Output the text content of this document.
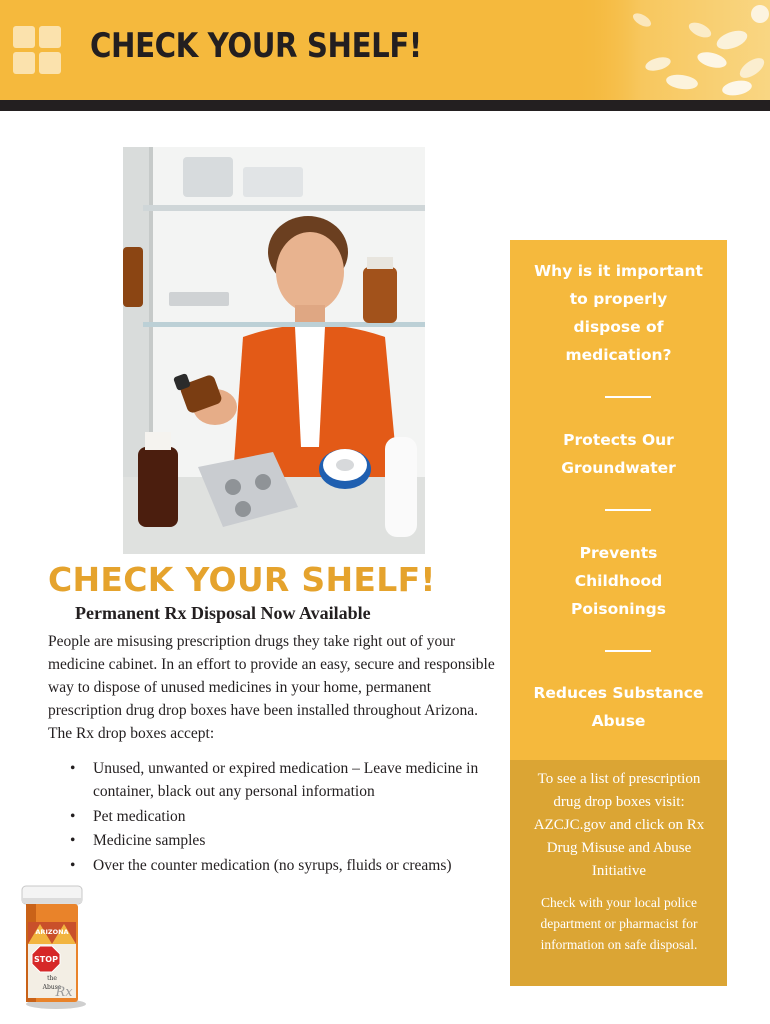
CHECK YOUR SHELF!
Why is it important to properly dispose of medication?
Protects Our Groundwater
Prevents Childhood Poisonings
Reduces Substance Abuse
To see a list of prescription drug drop boxes visit: AZCJC.gov and click on Rx Drug Misuse and Abuse Initiative
Check with your local police department or pharmacist for information on safe disposal.
CHECK YOUR SHELF!
Permanent Rx Disposal Now Available
People are misusing prescription drugs they take right out of your medicine cabinet. In an effort to provide an easy, secure and responsible way to dispose of unused medicines in your home, permanent prescription drug drop boxes have been installed throughout Arizona. The Rx drop boxes accept:
• Unused, unwanted or expired medication – Leave medicine in container, black out any personal information
• Pet medication
• Medicine samples
• Over the counter medication (no syrups, fluids or creams)
ARIZONA
STOP
the
Abuse
Rx
